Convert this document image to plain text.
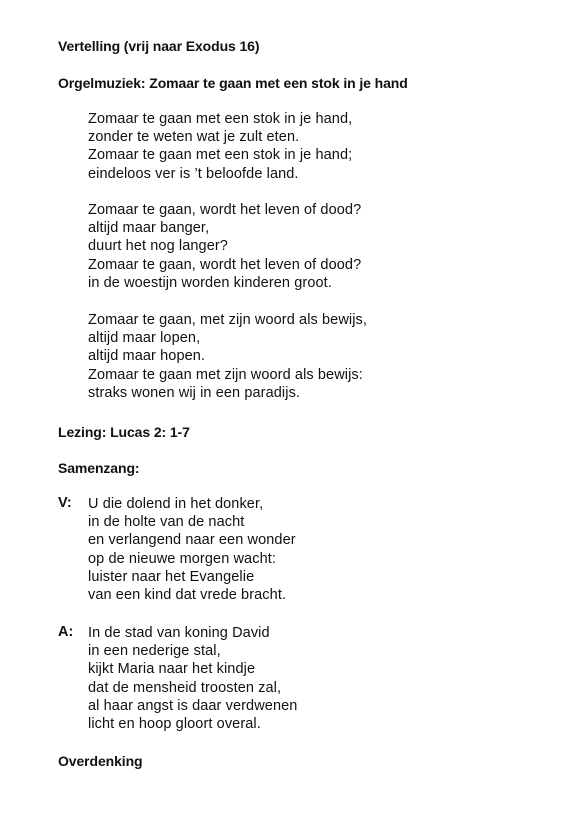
Vertelling (vrij naar Exodus 16)
Orgelmuziek: Zomaar te gaan met een stok in je hand
Zomaar te gaan met een stok in je hand,
zonder te weten wat je zult eten.
Zomaar te gaan met een stok in je hand;
eindeloos ver is ’t beloofde land.
Zomaar te gaan, wordt het leven of dood?
altijd maar banger,
duurt het nog langer?
Zomaar te gaan, wordt het leven of dood?
in de woestijn worden kinderen groot.
Zomaar te gaan, met zijn woord als bewijs,
altijd maar lopen,
altijd maar hopen.
Zomaar te gaan met zijn woord als bewijs:
straks wonen wij in een paradijs.
Lezing: Lucas 2: 1-7
Samenzang:
V: U die dolend in het donker,
in de holte van de nacht
en verlangend naar een wonder
op de nieuwe morgen wacht:
luister naar het Evangelie
van een kind dat vrede bracht.
A: In de stad van koning David
in een nederige stal,
kijkt Maria naar het kindje
dat de mensheid troosten zal,
al haar angst is daar verdwenen
licht en hoop gloort overal.
Overdenking
